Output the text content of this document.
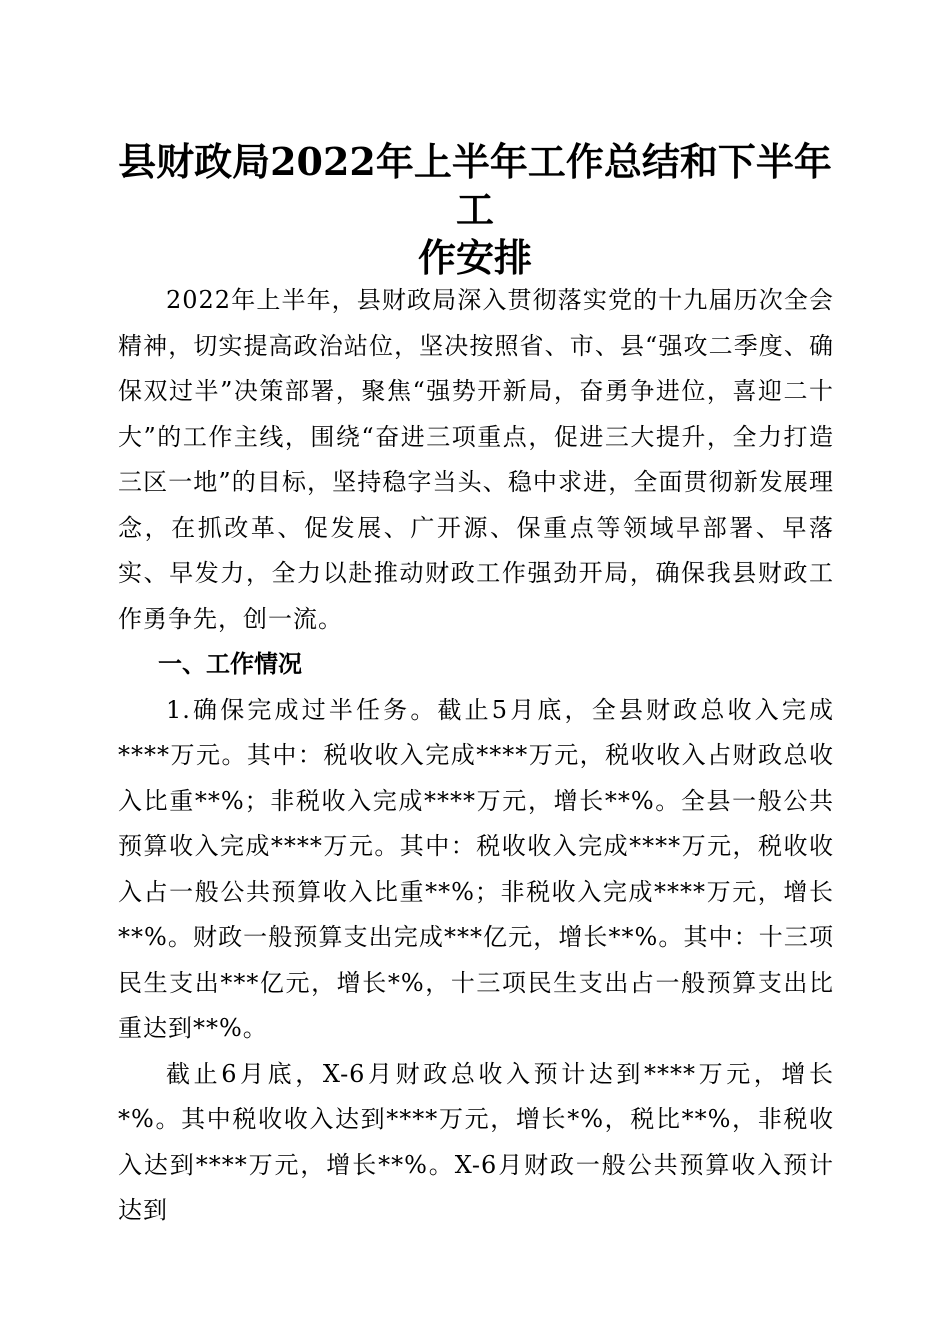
县财政局2022年上半年工作总结和下半年工
作安排

2022年上半年，县财政局深入贯彻落实党的十九届历次全会精神，切实提高政治站位，坚决按照省、市、县“强攻二季度、确保双过半”决策部署，聚焦“强势开新局，奋勇争进位，喜迎二十大”的工作主线，围绕“奋进三项重点，促进三大提升，全力打造三区一地”的目标，坚持稳字当头、稳中求进，全面贯彻新发展理念，在抓改革、促发展、广开源、保重点等领域早部署、早落实、早发力，全力以赴推动财政工作强劲开局，确保我县财政工作勇争先，创一流。

一、工作情况

1.确保完成过半任务。截止5月底，全县财政总收入完成****万元。其中：税收收入完成****万元，税收收入占财政总收入比重**%；非税收入完成****万元，增长**%。全县一般公共预算收入完成****万元。其中：税收收入完成****万元，税收收入占一般公共预算收入比重**%；非税收入完成****万元，增长**%。财政一般预算支出完成***亿元，增长**%。其中：十三项民生支出***亿元，增长*%，十三项民生支出占一般预算支出比重达到**%。

截止6月底，X-6月财政总收入预计达到****万元，增长*%。其中税收收入达到****万元，增长*%，税比**%，非税收入达到****万元，增长**%。X-6月财政一般公共预算收入预计达到
